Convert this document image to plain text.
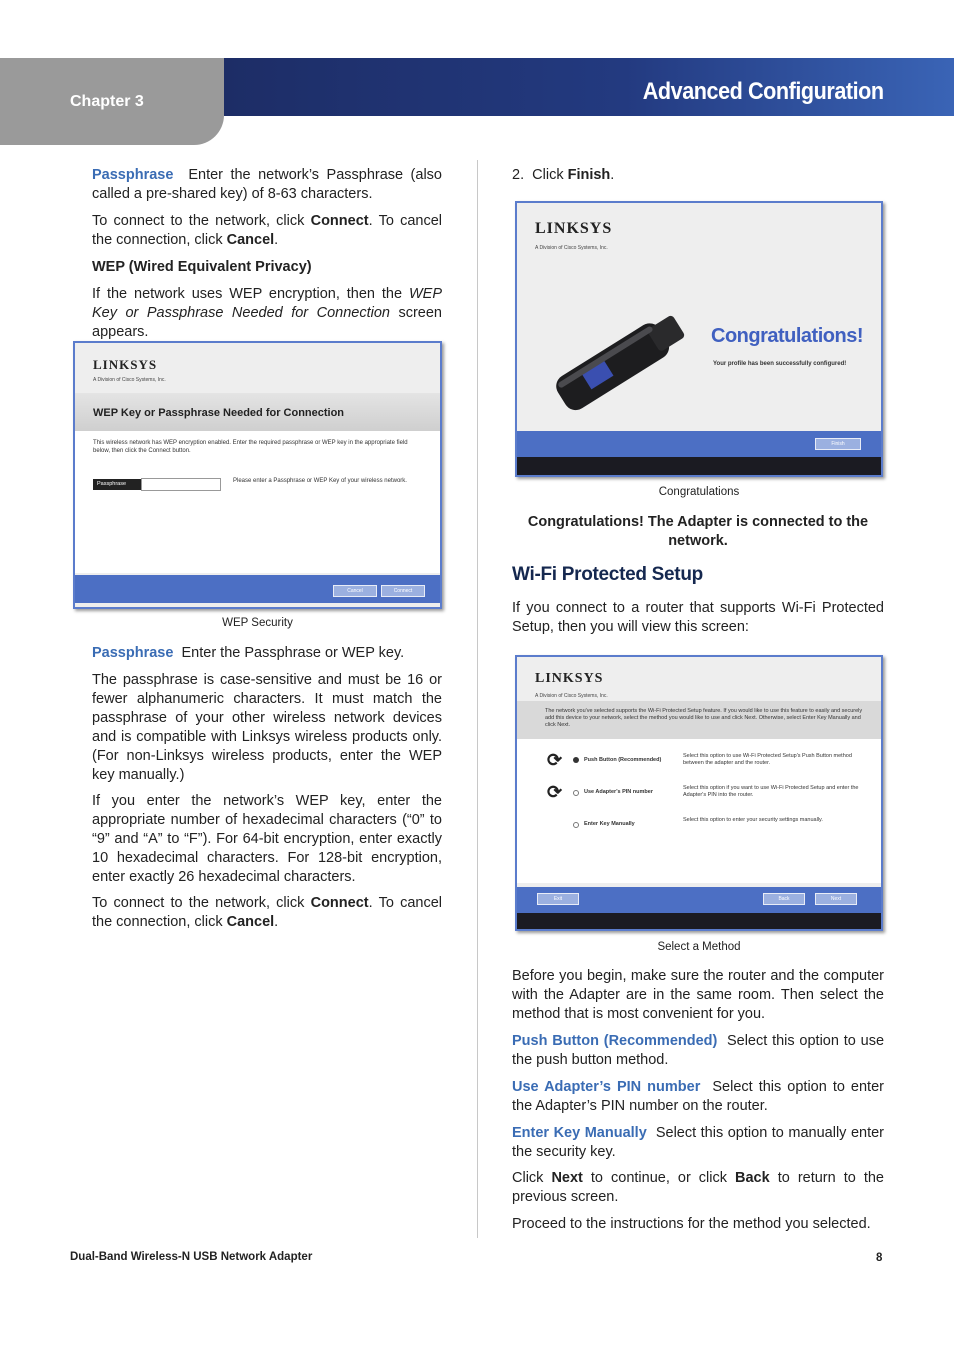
Chapter 3	Advanced Configuration

Passphrase Enter the network’s Passphrase (also called a pre-shared key) of 8-63 characters.

To connect to the network, click Connect. To cancel the connection, click Cancel.

WEP (Wired Equivalent Privacy)

If the network uses WEP encryption, then the WEP Key or Passphrase Needed for Connection screen appears.

LINKSYS
A Division of Cisco Systems, Inc.
WEP Key or Passphrase Needed for Connection
This wireless network has WEP encryption enabled. Enter the required passphrase or WEP key in the appropriate field below, then click the Connect button.
Passphrase	Please enter a Passphrase or WEP Key of your wireless network.
Cancel	Connect
WEP Security

Passphrase Enter the Passphrase or WEP key.

The passphrase is case-sensitive and must be 16 or fewer alphanumeric characters. It must match the passphrase of your other wireless network devices and is compatible with Linksys wireless products only. (For non-Linksys wireless products, enter the WEP key manually.)

If you enter the network’s WEP key, enter the appropriate number of hexadecimal characters (“0” to “9” and “A” to “F”). For 64-bit encryption, enter exactly 10 hexadecimal characters. For 128-bit encryption, enter exactly 26 hexadecimal characters.

To connect to the network, click Connect. To cancel the connection, click Cancel.

2.  Click Finish.
LINKSYS
A Division of Cisco Systems, Inc.
Congratulations!
Your profile has been successfully configured!
Finish
Congratulations
Congratulations! The Adapter is connected to the network.
Wi-Fi Protected Setup

If you connect to a router that supports Wi-Fi Protected Setup, then you will view this screen:

LINKSYS
A Division of Cisco Systems, Inc.
The network you've selected supports the Wi-Fi Protected Setup feature. If you would like to use this feature to easily and securely add this device to your network, select the method you would like to use and click Next. Otherwise, select Enter Key Manually and click Next.
⟳	Push Button (Recommended)
Select this option to use Wi-Fi Protected Setup's Push Button method between the adapter and the router.
⟳	Use Adapter's PIN number
Select this option if you want to use Wi-Fi Protected Setup and enter the Adapter's PIN into the router.
Enter Key Manually
Select this option to enter your security settings manually.
Exit	Back	Next
Select a Method

Before you begin, make sure the router and the computer with the Adapter are in the same room. Then select the method that is most convenient for you.

Push Button (Recommended) Select this option to use the push button method.

Use Adapter’s PIN number Select this option to enter the Adapter’s PIN number on the router.

Enter Key Manually Select this option to manually enter the security key.

Click Next to continue, or click Back to return to the previous screen.

Proceed to the instructions for the method you selected.

Dual-Band Wireless-N USB Network Adapter	8
